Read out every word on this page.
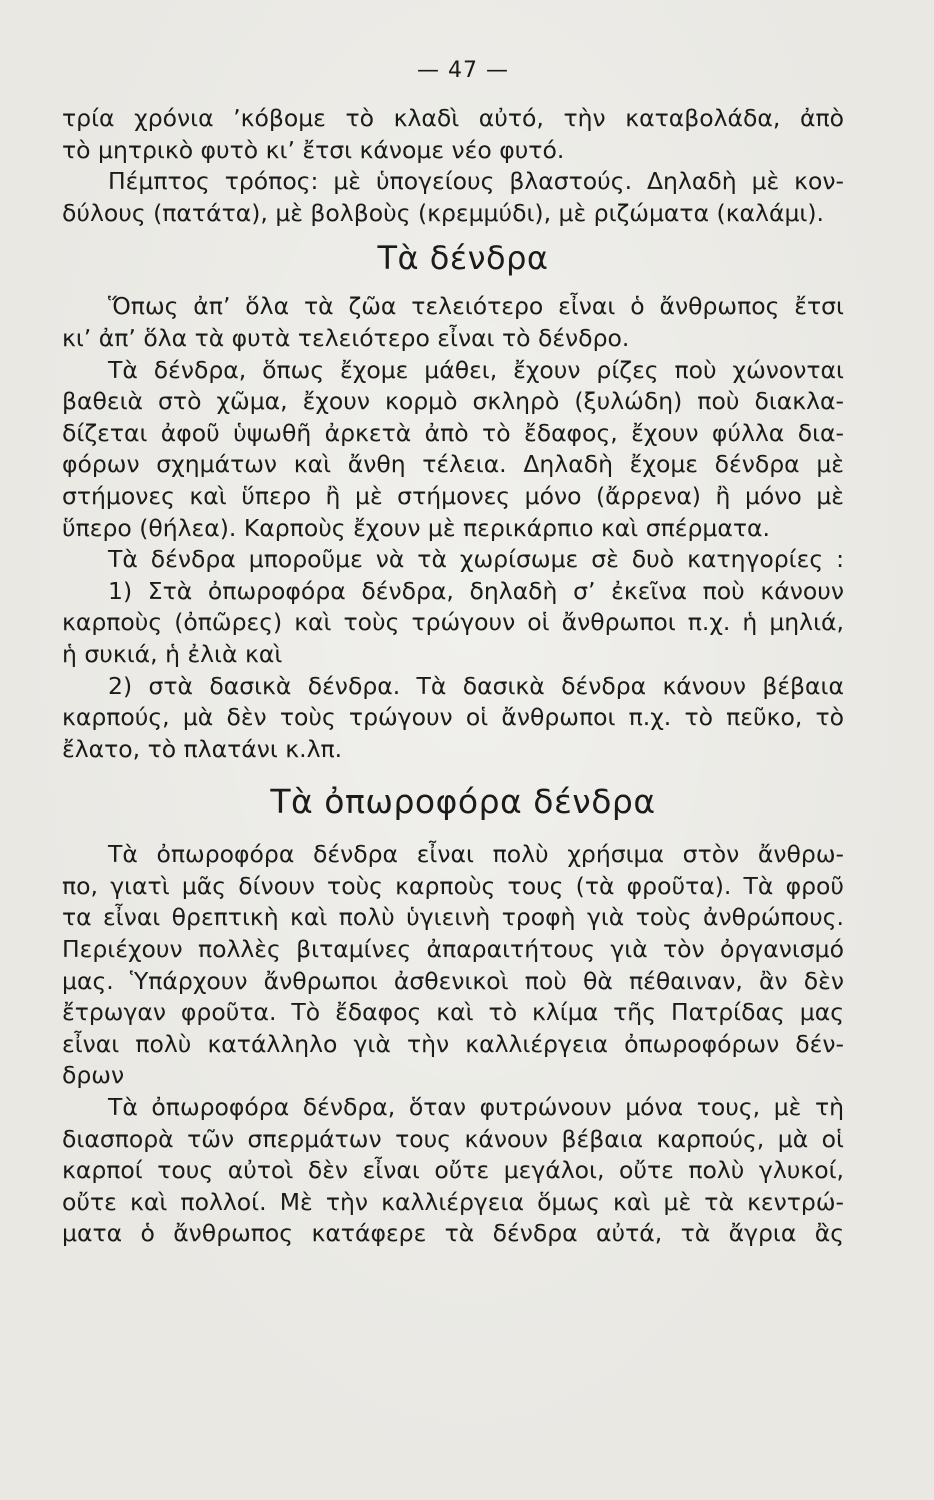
— 47 —
τρία χρόνια ʼκόβομε τὸ κλαδὶ αὐτό, τὴν καταβολάδα, ἀπὸ
τὸ μητρικὸ φυτὸ κιʼ ἔτσι κάνομε νέο φυτό.
Πέμπτος τρόπος: μὲ ὑπογείους βλαστούς. Δηλαδὴ μὲ κον-
δύλους (πατάτα), μὲ βολβοὺς (κρεμμύδι), μὲ ριζώματα (καλάμι).
Τὰ δένδρα
Ὅπως ἀπʼ ὅλα τὰ ζῶα τελειότερο εἶναι ὁ ἄνθρωπος ἔτσι
κιʼ ἀπʼ ὅλα τὰ φυτὰ τελειότερο εἶναι τὸ δένδρο.
Τὰ δένδρα, ὅπως ἔχομε μάθει, ἔχουν ρίζες ποὺ χώνονται
βαθειὰ στὸ χῶμα, ἔχουν κορμὸ σκληρὸ (ξυλώδη) ποὺ διακλα-
δίζεται ἀφοῦ ὑψωθῆ ἀρκετὰ ἀπὸ τὸ ἔδαφος, ἔχουν φύλλα δια-
φόρων σχημάτων καὶ ἄνθη τέλεια. Δηλαδὴ ἔχομε δένδρα μὲ
στήμονες καὶ ὕπερο ἢ μὲ στήμονες μόνο (ἄρρενα) ἢ μόνο μὲ
ὕπερο (θήλεα). Καρποὺς ἔχουν μὲ περικάρπιο καὶ σπέρματα.
Τὰ δένδρα μποροῦμε νὰ τὰ χωρίσωμε σὲ δυὸ κατηγορίες :
1) Στὰ ὀπωροφόρα δένδρα, δηλαδὴ σʼ ἐκεῖνα ποὺ κάνουν
καρποὺς (ὀπῶρες) καὶ τοὺς τρώγουν οἱ ἄνθρωποι π.χ. ἡ μηλιά,
ἡ συκιά, ἡ ἐλιὰ καὶ
2) στὰ δασικὰ δένδρα. Τὰ δασικὰ δένδρα κάνουν βέβαια
καρπούς, μὰ δὲν τοὺς τρώγουν οἱ ἄνθρωποι π.χ. τὸ πεῦκο, τὸ
ἔλατο, τὸ πλατάνι κ.λπ.
Τὰ ὀπωροφόρα δένδρα
Τὰ ὀπωροφόρα δένδρα εἶναι πολὺ χρήσιμα στὸν ἄνθρω-
πο, γιατὶ μᾶς δίνουν τοὺς καρποὺς τους (τὰ φροῦτα). Τὰ φροῦ
τα εἶναι θρεπτικὴ καὶ πολὺ ὑγιεινὴ τροφὴ γιὰ τοὺς ἀνθρώπους.
Περιέχουν πολλὲς βιταμίνες ἀπαραιτήτους γιὰ τὸν ὀργανισμό
μας. Ὑπάρχουν ἄνθρωποι ἀσθενικοὶ ποὺ θὰ πέθαιναν, ἂν δὲν
ἔτρωγαν φροῦτα. Τὸ ἔδαφος καὶ τὸ κλίμα τῆς Πατρίδας μας
εἶναι πολὺ κατάλληλο γιὰ τὴν καλλιέργεια ὀπωροφόρων δέν-
δρων
Τὰ ὀπωροφόρα δένδρα, ὅταν φυτρώνουν μόνα τους, μὲ τὴ
διασπορὰ τῶν σπερμάτων τους κάνουν βέβαια καρπούς, μὰ οἱ
καρποί τους αὐτοὶ δὲν εἶναι οὔτε μεγάλοι, οὔτε πολὺ γλυκοί,
οὔτε καὶ πολλοί. Μὲ τὴν καλλιέργεια ὅμως καὶ μὲ τὰ κεντρώ-
ματα ὁ ἄνθρωπος κατάφερε τὰ δένδρα αὐτά, τὰ ἄγρια ἂς
